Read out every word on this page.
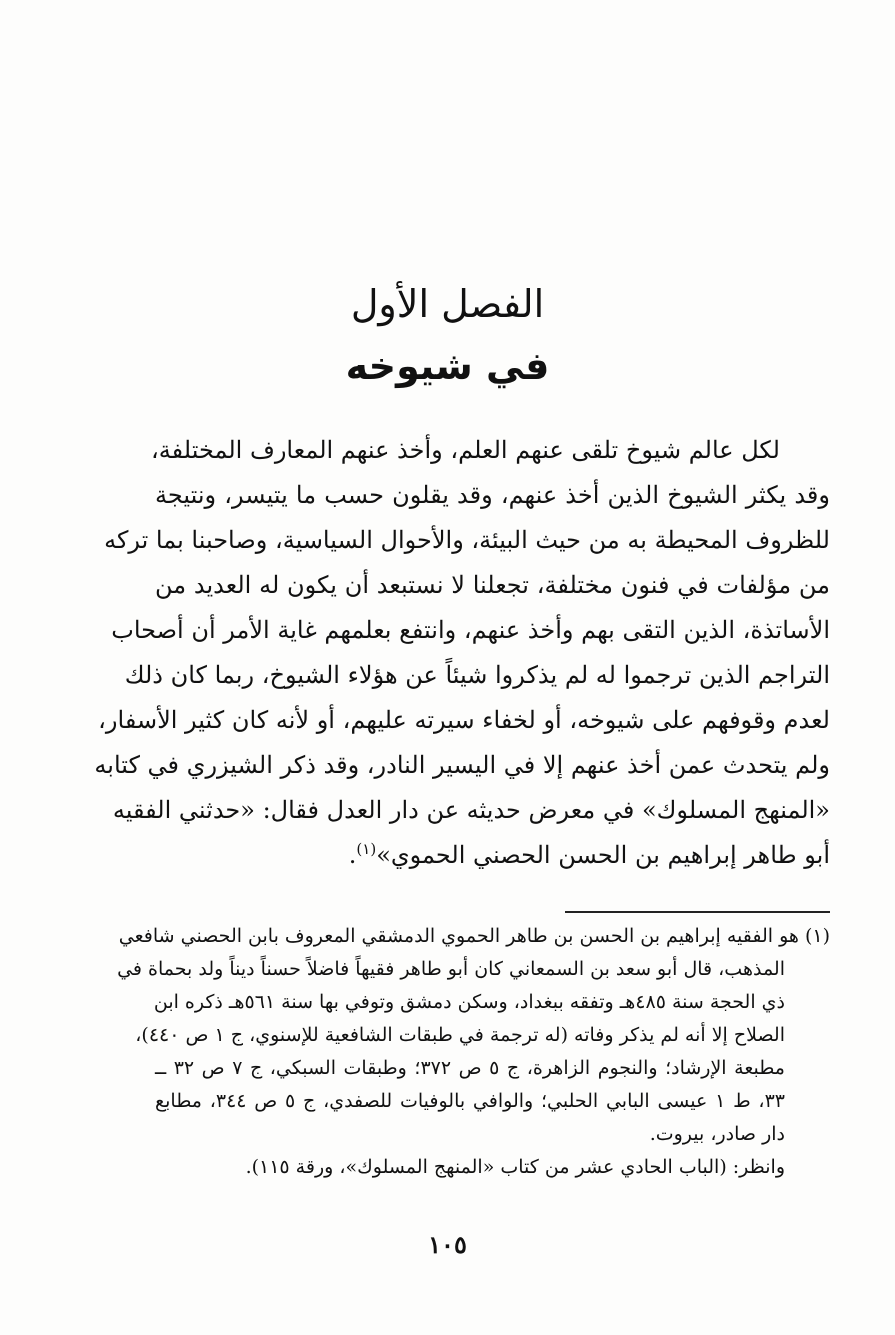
الفصل الأول
في شيوخه
لكل عالم شيوخ تلقى عنهم العلم، وأخذ عنهم المعارف المختلفة،
وقد يكثر الشيوخ الذين أخذ عنهم، وقد يقلون حسب ما يتيسر، ونتيجة
للظروف المحيطة به من حيث البيئة، والأحوال السياسية، وصاحبنا بما تركه
من مؤلفات في فنون مختلفة، تجعلنا لا نستبعد أن يكون له العديد من
الأساتذة، الذين التقى بهم وأخذ عنهم، وانتفع بعلمهم غاية الأمر أن أصحاب
التراجم الذين ترجموا له لم يذكروا شيئاً عن هؤلاء الشيوخ، ربما كان ذلك
لعدم وقوفهم على شيوخه، أو لخفاء سيرته عليهم، أو لأنه كان كثير الأسفار،
ولم يتحدث عمن أخذ عنهم إلا في اليسير النادر، وقد ذكر الشيزري في كتابه
«المنهج المسلوك» في معرض حديثه عن دار العدل فقال: «حدثني الفقيه
أبو طاهر إبراهيم بن الحسن الحصني الحموي»$^{(١)}$.
(١) هو الفقيه إبراهيم بن الحسن بن طاهر الحموي الدمشقي المعروف بابن الحصني شافعي
المذهب، قال أبو سعد بن السمعاني كان أبو طاهر فقيهاً فاضلاً حسناً ديناً ولد بحماة في
ذي الحجة سنة ٤٨٥هـ وتفقه ببغداد، وسكن دمشق وتوفي بها سنة ٥٦١هـ ذكره ابن
الصلاح إلا أنه لم يذكر وفاته (له ترجمة في طبقات الشافعية للإسنوي، ج ١ ص ٤٤٠)،
مطبعة الإرشاد؛ والنجوم الزاهرة، ج ٥ ص ٣٧٢؛ وطبقات السبكي، ج ٧ ص ٣٢ ــ
٣٣، ط ١ عيسى البابي الحلبي؛ والوافي بالوفيات للصفدي، ج ٥ ص ٣٤٤، مطابع
دار صادر، بيروت.
وانظر: (الباب الحادي عشر من كتاب «المنهج المسلوك»، ورقة ١١٥).
١٠٥
